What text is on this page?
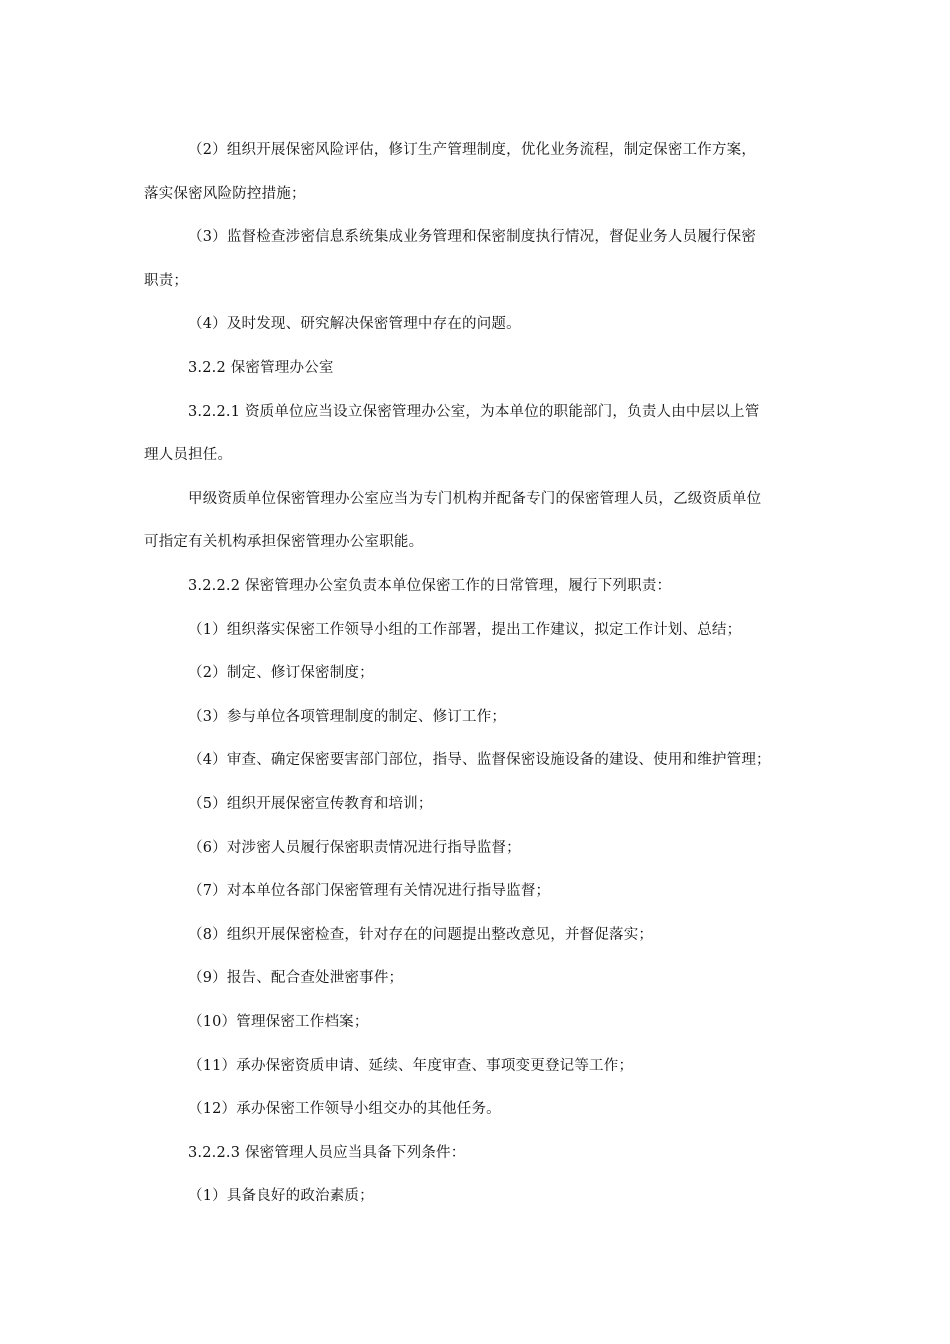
（2）组织开展保密风险评估，修订生产管理制度，优化业务流程，制定保密工作方案，
落实保密风险防控措施；
（3）监督检查涉密信息系统集成业务管理和保密制度执行情况，督促业务人员履行保密
职责；
（4）及时发现、研究解决保密管理中存在的问题。
3.2.2 保密管理办公室
3.2.2.1 资质单位应当设立保密管理办公室，为本单位的职能部门，负责人由中层以上管
理人员担任。
甲级资质单位保密管理办公室应当为专门机构并配备专门的保密管理人员，乙级资质单位
可指定有关机构承担保密管理办公室职能。
3.2.2.2 保密管理办公室负责本单位保密工作的日常管理，履行下列职责：
（1）组织落实保密工作领导小组的工作部署，提出工作建议，拟定工作计划、总结；
（2）制定、修订保密制度；
（3）参与单位各项管理制度的制定、修订工作；
（4）审查、确定保密要害部门部位，指导、监督保密设施设备的建设、使用和维护管理；
（5）组织开展保密宣传教育和培训；
（6）对涉密人员履行保密职责情况进行指导监督；
（7）对本单位各部门保密管理有关情况进行指导监督；
（8）组织开展保密检查，针对存在的问题提出整改意见，并督促落实；
（9）报告、配合查处泄密事件；
（10）管理保密工作档案；
（11）承办保密资质申请、延续、年度审查、事项变更登记等工作；
（12）承办保密工作领导小组交办的其他任务。
3.2.2.3 保密管理人员应当具备下列条件：
（1）具备良好的政治素质；
